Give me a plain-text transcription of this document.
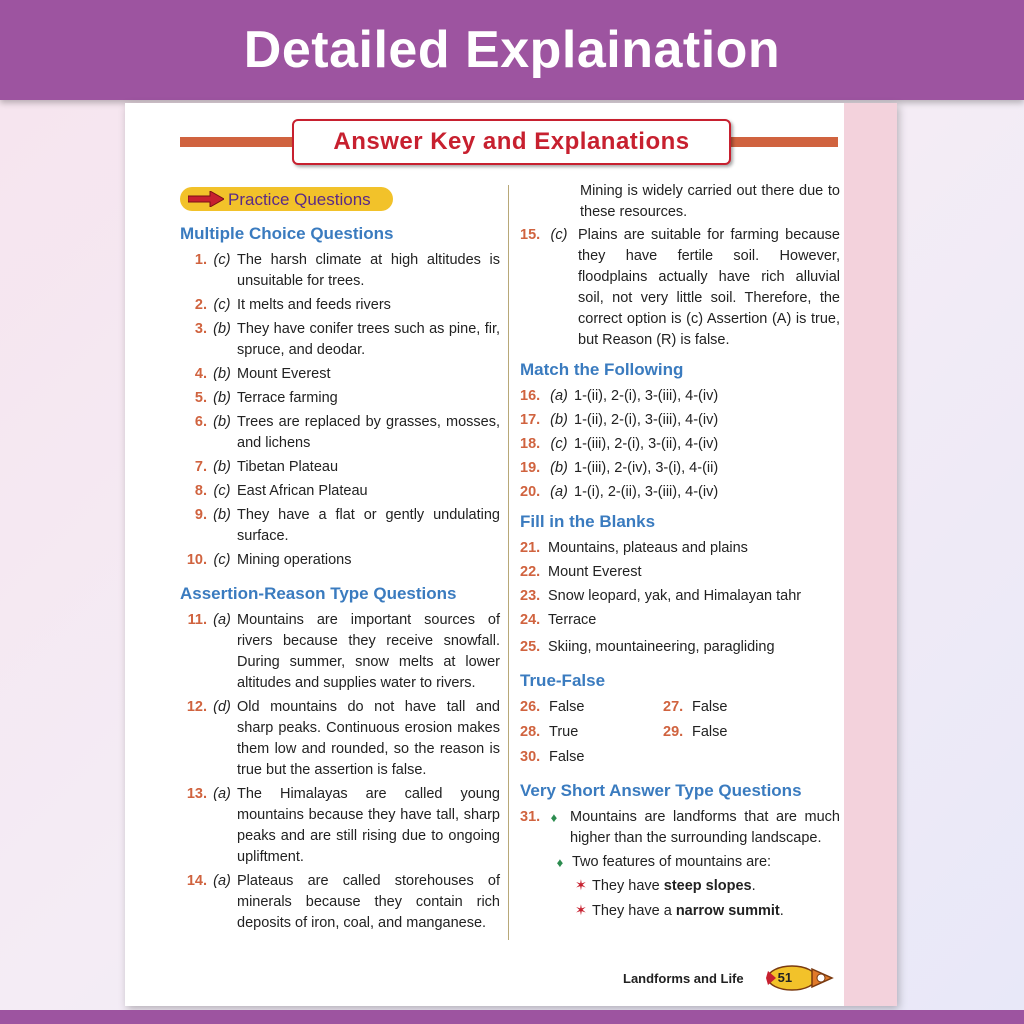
Detailed Explaination
Answer Key and Explanations
Practice Questions
Multiple Choice Questions
1. (c) The harsh climate at high altitudes is unsuitable for trees.
2. (c) It melts and feeds rivers
3. (b) They have conifer trees such as pine, fir, spruce, and deodar.
4. (b) Mount Everest
5. (b) Terrace farming
6. (b) Trees are replaced by grasses, mosses, and lichens
7. (b) Tibetan Plateau
8. (c) East African Plateau
9. (b) They have a flat or gently undulating surface.
10. (c) Mining operations
Assertion-Reason Type Questions
11. (a) Mountains are important sources of rivers because they receive snowfall. During summer, snow melts at lower altitudes and supplies water to rivers.
12. (d) Old mountains do not have tall and sharp peaks. Continuous erosion makes them low and rounded, so the reason is true but the assertion is false.
13. (a) The Himalayas are called young mountains because they have tall, sharp peaks and are still rising due to ongoing upliftment.
14. (a) Plateaus are called storehouses of minerals because they contain rich deposits of iron, coal, and manganese.
Mining is widely carried out there due to these resources.
15. (c) Plains are suitable for farming because they have fertile soil. However, floodplains actually have rich alluvial soil, not very little soil. Therefore, the correct option is (c) Assertion (A) is true, but Reason (R) is false.
Match the Following
16. (a) 1-(ii), 2-(i), 3-(iii), 4-(iv)
17. (b) 1-(ii), 2-(i), 3-(iii), 4-(iv)
18. (c) 1-(iii), 2-(i), 3-(ii), 4-(iv)
19. (b) 1-(iii), 2-(iv), 3-(i), 4-(ii)
20. (a) 1-(i), 2-(ii), 3-(iii), 4-(iv)
Fill in the Blanks
21. Mountains, plateaus and plains
22. Mount Everest
23. Snow leopard, yak, and Himalayan tahr
24. Terrace
25. Skiing, mountaineering, paragliding
True-False
26. False	27. False
28. True	29. False
30. False
Very Short Answer Type Questions
31. ♦ Mountains are landforms that are much higher than the surrounding landscape.
♦ Two features of mountains are:
✶ They have steep slopes.
✶ They have a narrow summit.
Landforms and Life	51
